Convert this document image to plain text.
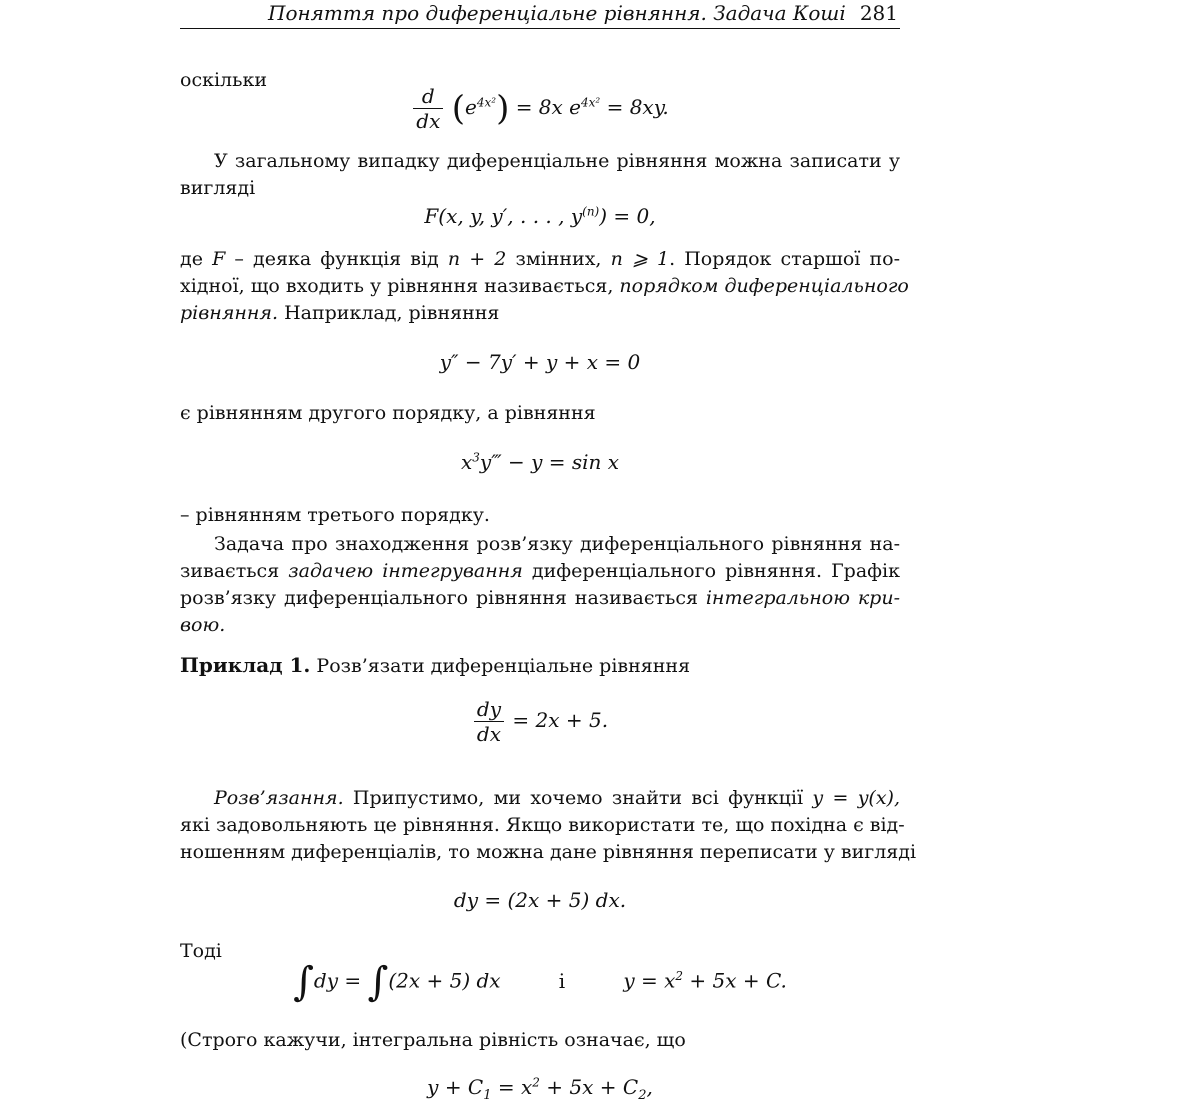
Поняття про диференціальне рівняння. Задача Коші 281
оскільки
$\frac{d}{dx} (e^{4x^2}) = 8x$ $e^{4x^2} = 8xy$.
У загальному випадку диференціальне рівняння можна записати у
вигляді
F(x, y, y′, . . . , $y^{(n)}) = 0$,
де F – деяка функція від n + 2 змінних, n ⩾ 1. Порядок старшої по-
хідної, що входить у рівняння називається, порядком диференціального
рівняння. Наприклад, рівняння
y″ − 7y′ + y + x = 0
є рівнянням другого порядку, а рівняння
$x^3y‴ - y = \sin x$
– рівнянням третього порядку.
Задача про знаходження розв’язку диференціального рівняння на-
зивається задачею інтегрування диференціального рівняння. Графік
розв’язку диференціального рівняння називається інтегральною кри-
вою.
Приклад 1. Розв’язати диференціальне рівняння
$\frac{dy}{dx} = 2x + 5$.
Розв’язання. Припустимо, ми хочемо знайти всі функції y = y(x),
які задовольняють це рівняння. Якщо використати те, що похідна є від-
ношенням диференціалів, то можна дане рівняння переписати у вигляді
dy = (2x + 5) dx.
Тоді
∫dy = ∫(2x + 5) dx	і	$y = x^2 + 5x + C$.
(Строго кажучи, інтегральна рівність означає, що
$y + C_1 = x^2 + 5x + C_2$,
